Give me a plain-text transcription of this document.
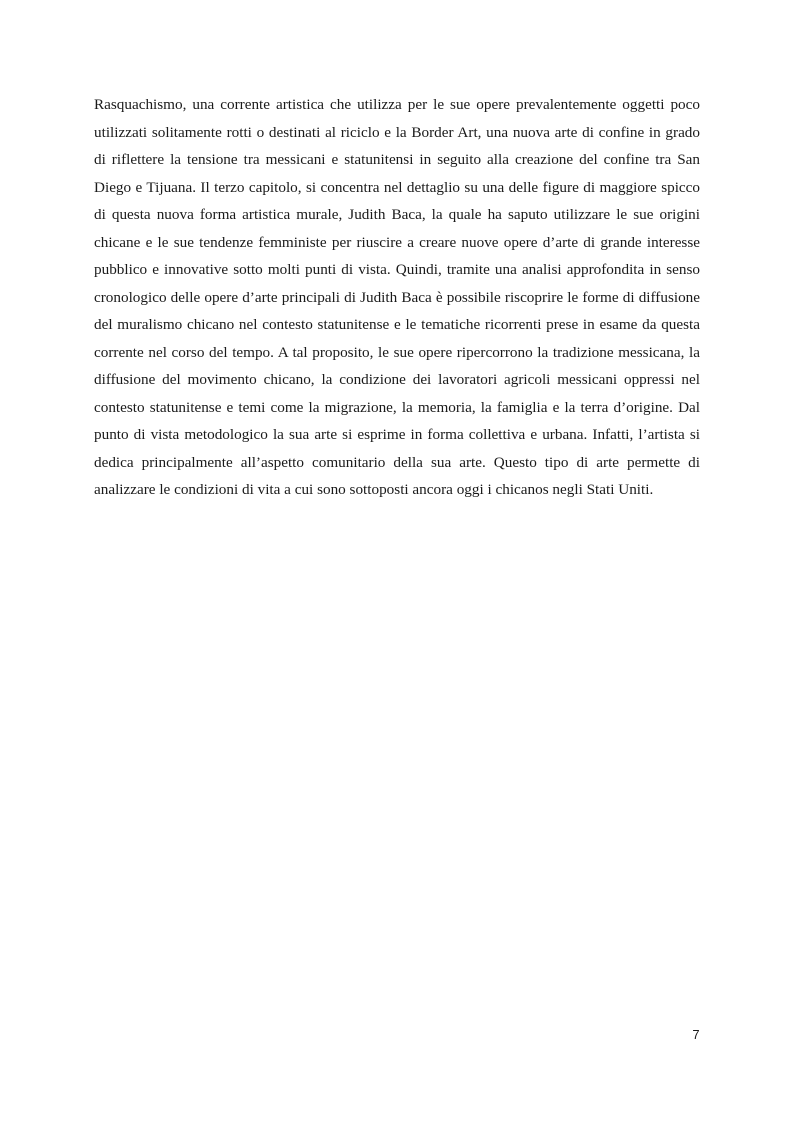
Rasquachismo, una corrente artistica che utilizza per le sue opere prevalentemente oggetti poco utilizzati solitamente rotti o destinati al riciclo e la Border Art, una nuova arte di confine in grado di riflettere la tensione tra messicani e statunitensi in seguito alla creazione del confine tra San Diego e Tijuana. Il terzo capitolo, si concentra nel dettaglio su una delle figure di maggiore spicco di questa nuova forma artistica murale, Judith Baca, la quale ha saputo utilizzare le sue origini chicane e le sue tendenze femministe per riuscire a creare nuove opere d’arte di grande interesse pubblico e innovative sotto molti punti di vista. Quindi, tramite una analisi approfondita in senso cronologico delle opere d’arte principali di Judith Baca è possibile riscoprire le forme di diffusione del muralismo chicano nel contesto statunitense e le tematiche ricorrenti prese in esame da questa corrente nel corso del tempo. A tal proposito, le sue opere ripercorrono la tradizione messicana, la diffusione del movimento chicano, la condizione dei lavoratori agricoli messicani oppressi nel contesto statunitense e temi come la migrazione, la memoria, la famiglia e la terra d’origine. Dal punto di vista metodologico la sua arte si esprime in forma collettiva e urbana. Infatti, l’artista si dedica principalmente all’aspetto comunitario della sua arte. Questo tipo di arte permette di analizzare le condizioni di vita a cui sono sottoposti ancora oggi i chicanos negli Stati Uniti.

7
